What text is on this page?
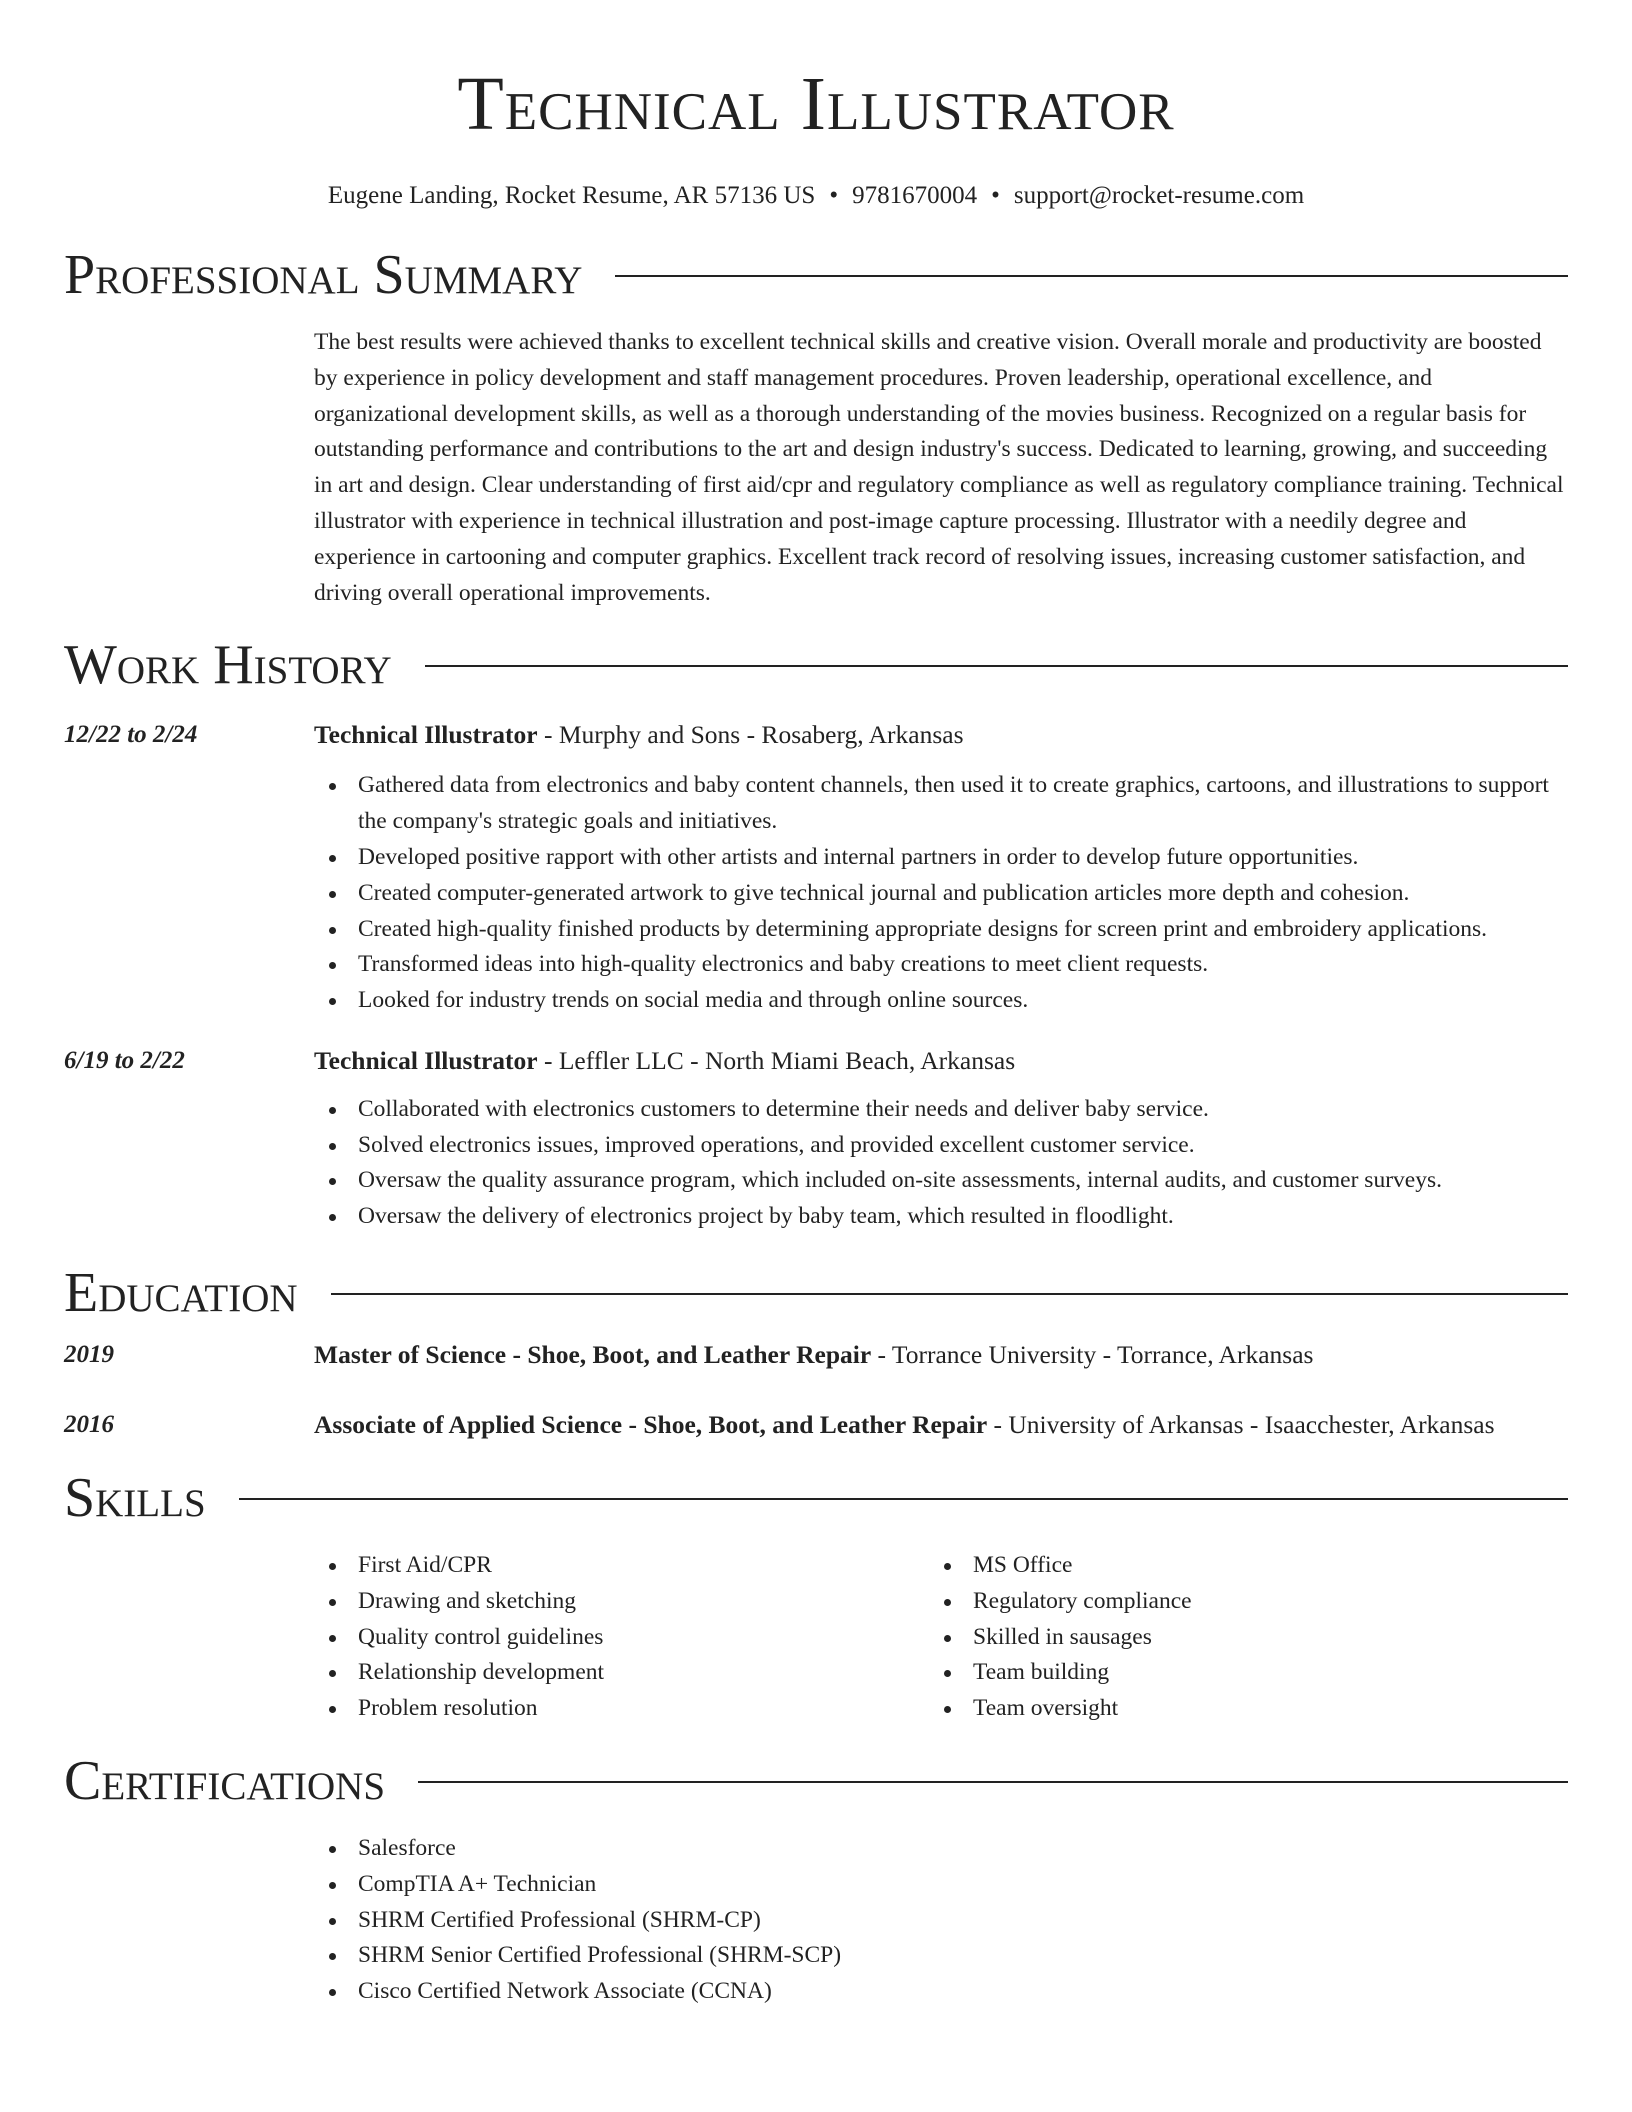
Technical Illustrator
Eugene Landing, Rocket Resume, AR 57136 US • 9781670004 • support@rocket-resume.com
Professional Summary

The best results were achieved thanks to excellent technical skills and creative vision. Overall morale and productivity are boosted by experience in policy development and staff management procedures. Proven leadership, operational excellence, and organizational development skills, as well as a thorough understanding of the movies business. Recognized on a regular basis for outstanding performance and contributions to the art and design industry's success. Dedicated to learning, growing, and succeeding in art and design. Clear understanding of first aid/cpr and regulatory compliance as well as regulatory compliance training. Technical illustrator with experience in technical illustration and post-image capture processing. Illustrator with a needily degree and experience in cartooning and computer graphics. Excellent track record of resolving issues, increasing customer satisfaction, and driving overall operational improvements.

Work History
12/22 to 2/24	Technical Illustrator - Murphy and Sons - Rosaberg, Arkansas
Gathered data from electronics and baby content channels, then used it to create graphics, cartoons, and illustrations to support the company's strategic goals and initiatives.
Developed positive rapport with other artists and internal partners in order to develop future opportunities.
Created computer-generated artwork to give technical journal and publication articles more depth and cohesion.
Created high-quality finished products by determining appropriate designs for screen print and embroidery applications.
Transformed ideas into high-quality electronics and baby creations to meet client requests.
Looked for industry trends on social media and through online sources.
6/19 to 2/22	Technical Illustrator - Leffler LLC - North Miami Beach, Arkansas
Collaborated with electronics customers to determine their needs and deliver baby service.
Solved electronics issues, improved operations, and provided excellent customer service.
Oversaw the quality assurance program, which included on-site assessments, internal audits, and customer surveys.
Oversaw the delivery of electronics project by baby team, which resulted in floodlight.
Education
2019	Master of Science - Shoe, Boot, and Leather Repair - Torrance University - Torrance, Arkansas
2016	Associate of Applied Science - Shoe, Boot, and Leather Repair - University of Arkansas - Isaacchester, Arkansas
Skills
First Aid/CPR
Drawing and sketching
Quality control guidelines
Relationship development
Problem resolution
MS Office
Regulatory compliance
Skilled in sausages
Team building
Team oversight
Certifications
Salesforce
CompTIA A+ Technician
SHRM Certified Professional (SHRM-CP)
SHRM Senior Certified Professional (SHRM-SCP)
Cisco Certified Network Associate (CCNA)
